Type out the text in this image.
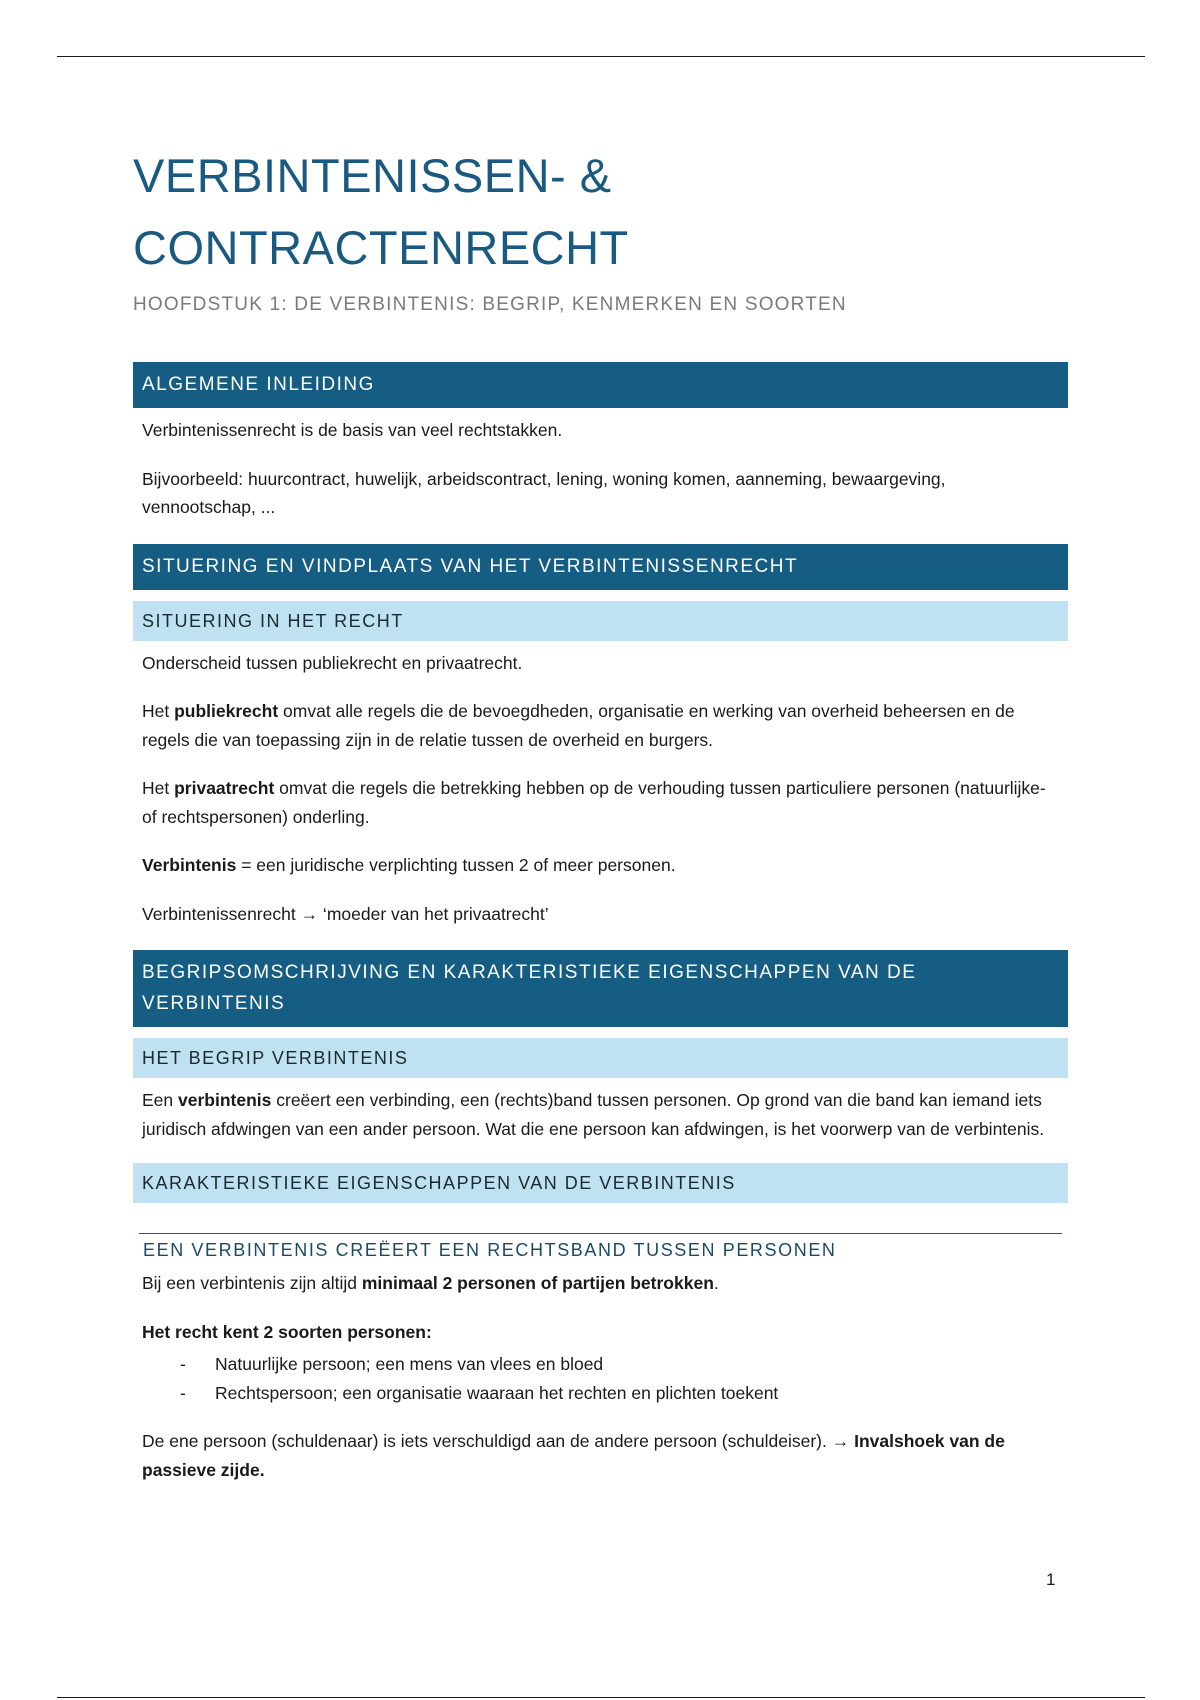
VERBINTENISSEN- &
CONTRACTENRECHT
HOOFDSTUK 1: DE VERBINTENIS: BEGRIP, KENMERKEN EN SOORTEN
ALGEMENE INLEIDING

Verbintenissenrecht is de basis van veel rechtstakken.

Bijvoorbeeld: huurcontract, huwelijk, arbeidscontract, lening, woning komen, aanneming, bewaargeving, vennootschap, ...

SITUERING EN VINDPLAATS VAN HET VERBINTENISSENRECHT
SITUERING IN HET RECHT

Onderscheid tussen publiekrecht en privaatrecht.

Het publiekrecht omvat alle regels die de bevoegdheden, organisatie en werking van overheid beheersen en de regels die van toepassing zijn in de relatie tussen de overheid en burgers.

Het privaatrecht omvat die regels die betrekking hebben op de verhouding tussen particuliere personen (natuurlijke- of rechtspersonen) onderling.

Verbintenis = een juridische verplichting tussen 2 of meer personen.

Verbintenissenrecht → ‘moeder van het privaatrecht’

BEGRIPSOMSCHRIJVING EN KARAKTERISTIEKE EIGENSCHAPPEN VAN DE VERBINTENIS
HET BEGRIP VERBINTENIS

Een verbintenis creëert een verbinding, een (rechts)band tussen personen. Op grond van die band kan iemand iets juridisch afdwingen van een ander persoon. Wat die ene persoon kan afdwingen, is het voorwerp van de verbintenis.

KARAKTERISTIEKE EIGENSCHAPPEN VAN DE VERBINTENIS
EEN VERBINTENIS CREËERT EEN RECHTSBAND TUSSEN PERSONEN

Bij een verbintenis zijn altijd minimaal 2 personen of partijen betrokken.

Het recht kent 2 soorten personen:

- Natuurlijke persoon; een mens van vlees en bloed
- Rechtspersoon; een organisatie waaraan het rechten en plichten toekent

De ene persoon (schuldenaar) is iets verschuldigd aan de andere persoon (schuldeiser). → Invalshoek van de passieve zijde.

1
